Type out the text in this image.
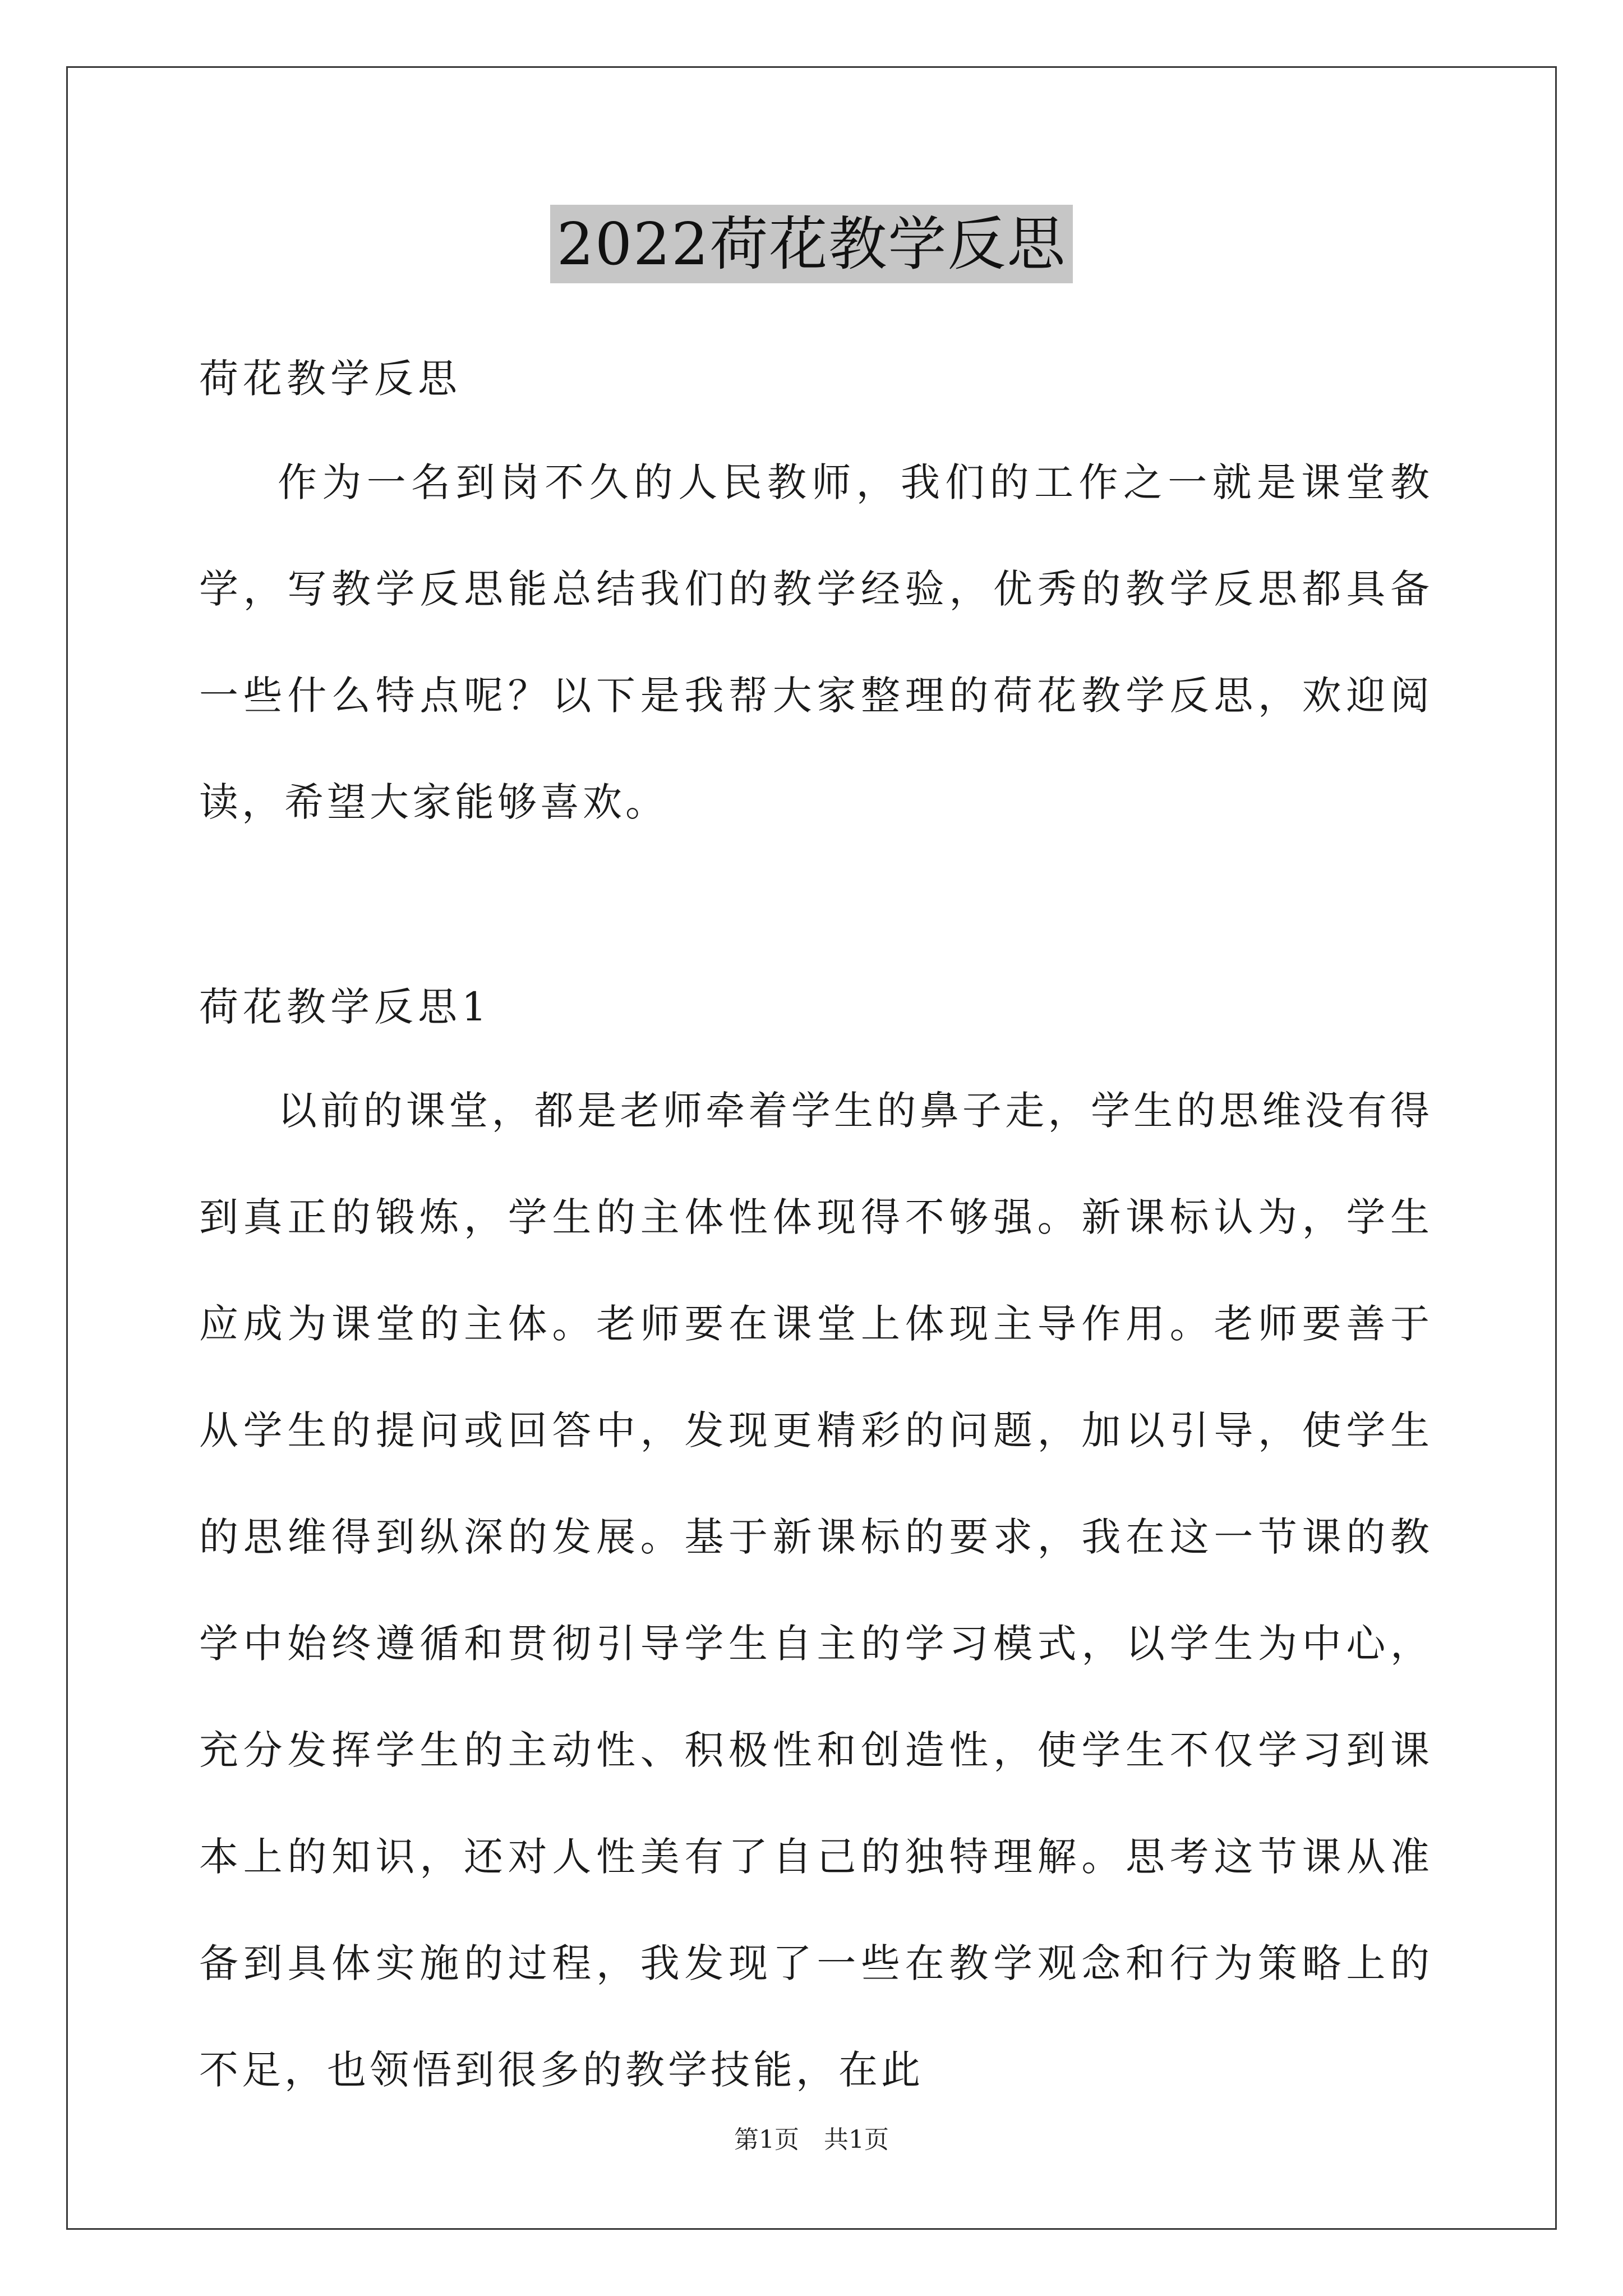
2022荷花教学反思

荷花教学反思

作为一名到岗不久的人民教师，我们的工作之一就是课堂教学，写教学反思能总结我们的教学经验，优秀的教学反思都具备一些什么特点呢？以下是我帮大家整理的荷花教学反思，欢迎阅读，希望大家能够喜欢。

荷花教学反思1

以前的课堂，都是老师牵着学生的鼻子走，学生的思维没有得到真正的锻炼，学生的主体性体现得不够强。新课标认为，学生应成为课堂的主体。老师要在课堂上体现主导作用。老师要善于从学生的提问或回答中，发现更精彩的问题，加以引导，使学生的思维得到纵深的发展。基于新课标的要求，我在这一节课的教学中始终遵循和贯彻引导学生自主的学习模式，以学生为中心，充分发挥学生的主动性、积极性和创造性，使学生不仅学习到课本上的知识，还对人性美有了自己的独特理解。思考这节课从准备到具体实施的过程，我发现了一些在教学观念和行为策略上的不足，也领悟到很多的教学技能，在此

第1页　共1页
